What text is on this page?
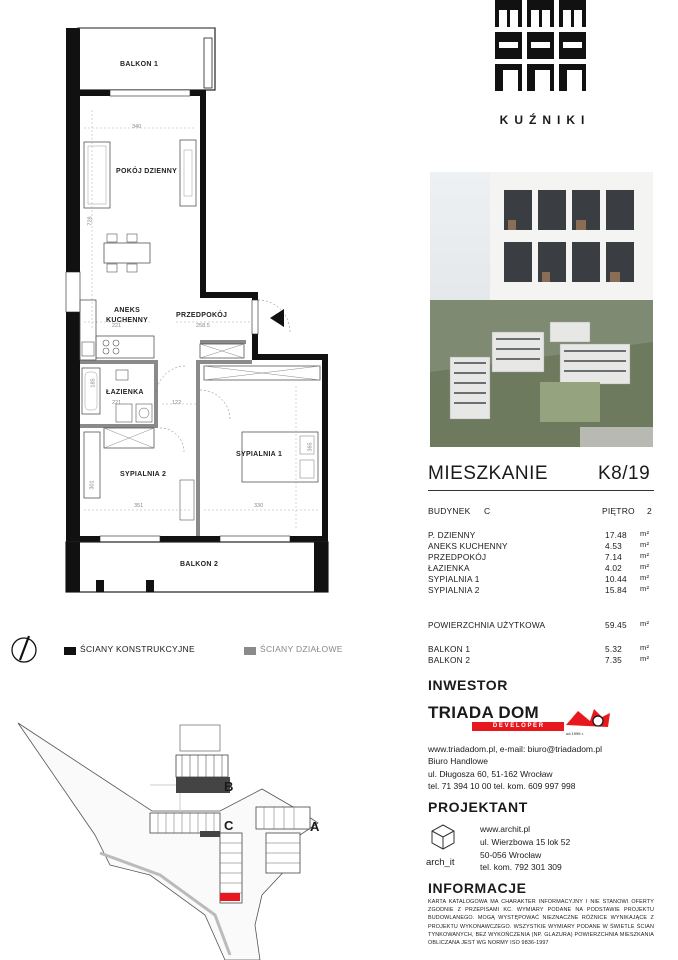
BALKON 1
POKÓJ DZIENNY
ANEKS
KUCHENNY
PRZEDPOKÓJ
ŁAZIENKA
SYPIALNIA 1
SYPIALNIA 2
BALKON 2
340
728
221	258.5
185
221	122
351	330
365
301
ŚCIANY KONSTRUKCYJNE	ŚCIANY DZIAŁOWE
B
C	A
KUŹNIKI
MIESZKANIE	K8/19
BUDYNEK C	PIĘTRO 2
P. DZIENNY	17.48 m²
ANEKS KUCHENNY	4.53 m²
PRZEDPOKÓJ	7.14 m²
ŁAZIENKA	4.02 m²
SYPIALNIA 1	10.44 m²
SYPIALNIA 2	15.84 m²
POWIERZCHNIA UŻYTKOWA	59.45 m²
BALKON 1	5.32 m²
BALKON 2	7.35 m²
INWESTOR
TRIADA DOM
D E V E L O P E R
od 1995 r.
www.triadadom.pl, e-mail: biuro@triadadom.pl
Biuro Handlowe
ul. Długosza 60, 51-162 Wrocław
tel. 71 394 10 00 tel. kom. 609 997 998
PROJEKTANT
arch_it
www.archit.pl
ul. Wierzbowa 15 lok 52
50-056 Wrocław
tel. kom. 792 301 309
INFORMACJE
KARTA KATALOGOWA MA CHARAKTER INFORMACYJNY I NIE STANOWI OFERTY ZGODNIE Z PRZEPISAMI KC. WYMIARY PODANE NA PODSTAWIE PROJEKTU BUDOWLANEGO. MOGĄ WYSTĘPOWAĆ NIEZNACZNE RÓŻNICE WYNIKAJĄCE Z PROJEKTU WYKONAWCZEGO. WSZYSTKIE WYMIARY PODANE W ŚWIETLE ŚCIAN TYNKOWANYCH, BEZ WYKOŃCZENIA (NP. GLAZURA) POWIERZCHNIA MIESZKANIA OBLICZANA JEST WG NORMY ISO 9836-1997
